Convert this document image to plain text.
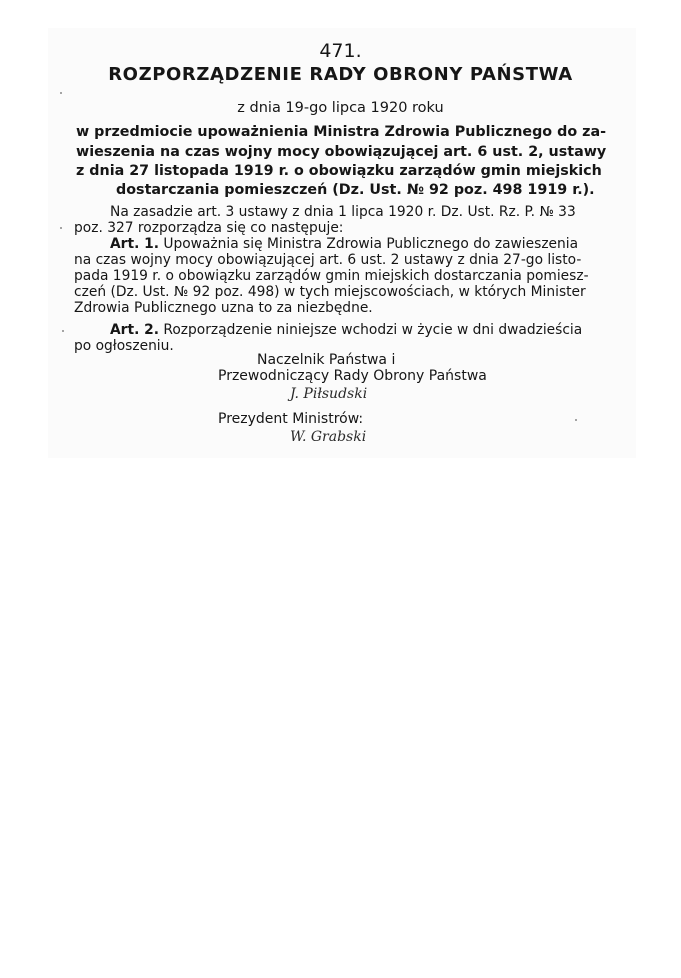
471.
ROZPORZĄDZENIE RADY OBRONY PAŃSTWA
z dnia 19-go lipca 1920 roku
w przedmiocie upoważnienia Ministra Zdrowia Publicznego do za-
wieszenia na czas wojny mocy obowiązującej art. 6 ust. 2, ustawy
z dnia 27 listopada 1919 r. o obowiązku zarządów gmin miejskich
dostarczania pomieszczeń (Dz. Ust. № 92 poz. 498 1919 r.).
Na zasadzie art. 3 ustawy z dnia 1 lipca 1920 r. Dz. Ust. Rz. P. № 33
poz. 327 rozporządza się co następuje:
Art. 1. Upoważnia się Ministra Zdrowia Publicznego do zawieszenia
na czas wojny mocy obowiązującej art. 6 ust. 2 ustawy z dnia 27-go listo-
pada 1919 r. o obowiązku zarządów gmin miejskich dostarczania pomiesz-
czeń (Dz. Ust. № 92 poz. 498) w tych miejscowościach, w których Minister
Zdrowia Publicznego uzna to za niezbędne.
Art. 2. Rozporządzenie niniejsze wchodzi w życie w dni dwadzieścia
po ogłoszeniu.
Naczelnik Państwa i
Przewodniczący Rady Obrony Państwa
J. Piłsudski
Prezydent Ministrów:
W. Grabski
